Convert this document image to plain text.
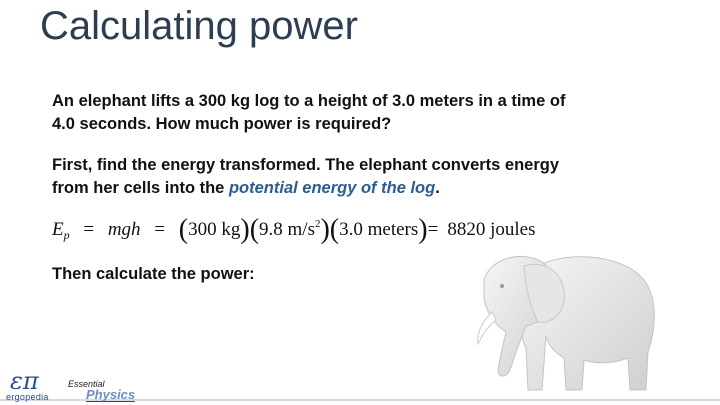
Calculating power
An elephant lifts a 300 kg log to a height of 3.0 meters in a time of 4.0 seconds. How much power is required?
First, find the energy transformed. The elephant converts energy from her cells into the potential energy of the log.
$E_p$ = mgh = (300 kg)(9.8 $m/s^2)(3.0$ meters)= 8820 joules
Then calculate the power:
επ
ergopedia
Essential
Physics
